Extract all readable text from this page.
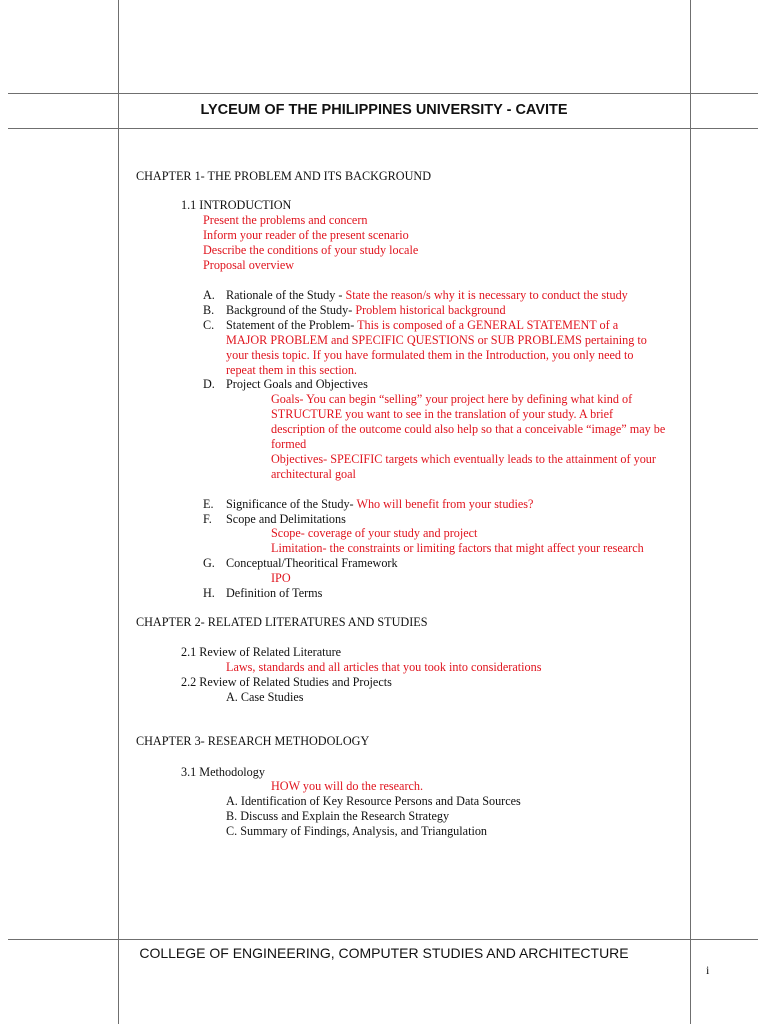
LYCEUM OF THE PHILIPPINES UNIVERSITY - CAVITE
CHAPTER 1- THE PROBLEM AND ITS BACKGROUND
1.1 INTRODUCTION
Present the problems and concern
Inform your reader of the present scenario
Describe the conditions of your study locale
Proposal overview
A. Rationale of the Study - State the reason/s why it is necessary to conduct the study
B. Background of the Study- Problem historical background
C. Statement of the Problem- This is composed of a GENERAL STATEMENT of a
MAJOR PROBLEM and SPECIFIC QUESTIONS or SUB PROBLEMS pertaining to
your thesis topic. If you have formulated them in the Introduction, you only need to
repeat them in this section.
D. Project Goals and Objectives
Goals- You can begin “selling” your project here by defining what kind of
STRUCTURE you want to see in the translation of your study. A brief
description of the outcome could also help so that a conceivable “image” may be
formed
Objectives- SPECIFIC targets which eventually leads to the attainment of your
architectural goal
E. Significance of the Study- Who will benefit from your studies?
F. Scope and Delimitations
Scope- coverage of your study and project
Limitation- the constraints or limiting factors that might affect your research
G. Conceptual/Theoritical Framework
IPO
H. Definition of Terms
CHAPTER 2- RELATED LITERATURES AND STUDIES
2.1 Review of Related Literature
Laws, standards and all articles that you took into considerations
2.2 Review of Related Studies and Projects
A. Case Studies
CHAPTER 3- RESEARCH METHODOLOGY
3.1 Methodology
HOW you will do the research.
A. Identification of Key Resource Persons and Data Sources
B. Discuss and Explain the Research Strategy
C. Summary of Findings, Analysis, and Triangulation
COLLEGE OF ENGINEERING, COMPUTER STUDIES AND ARCHITECTURE
i
